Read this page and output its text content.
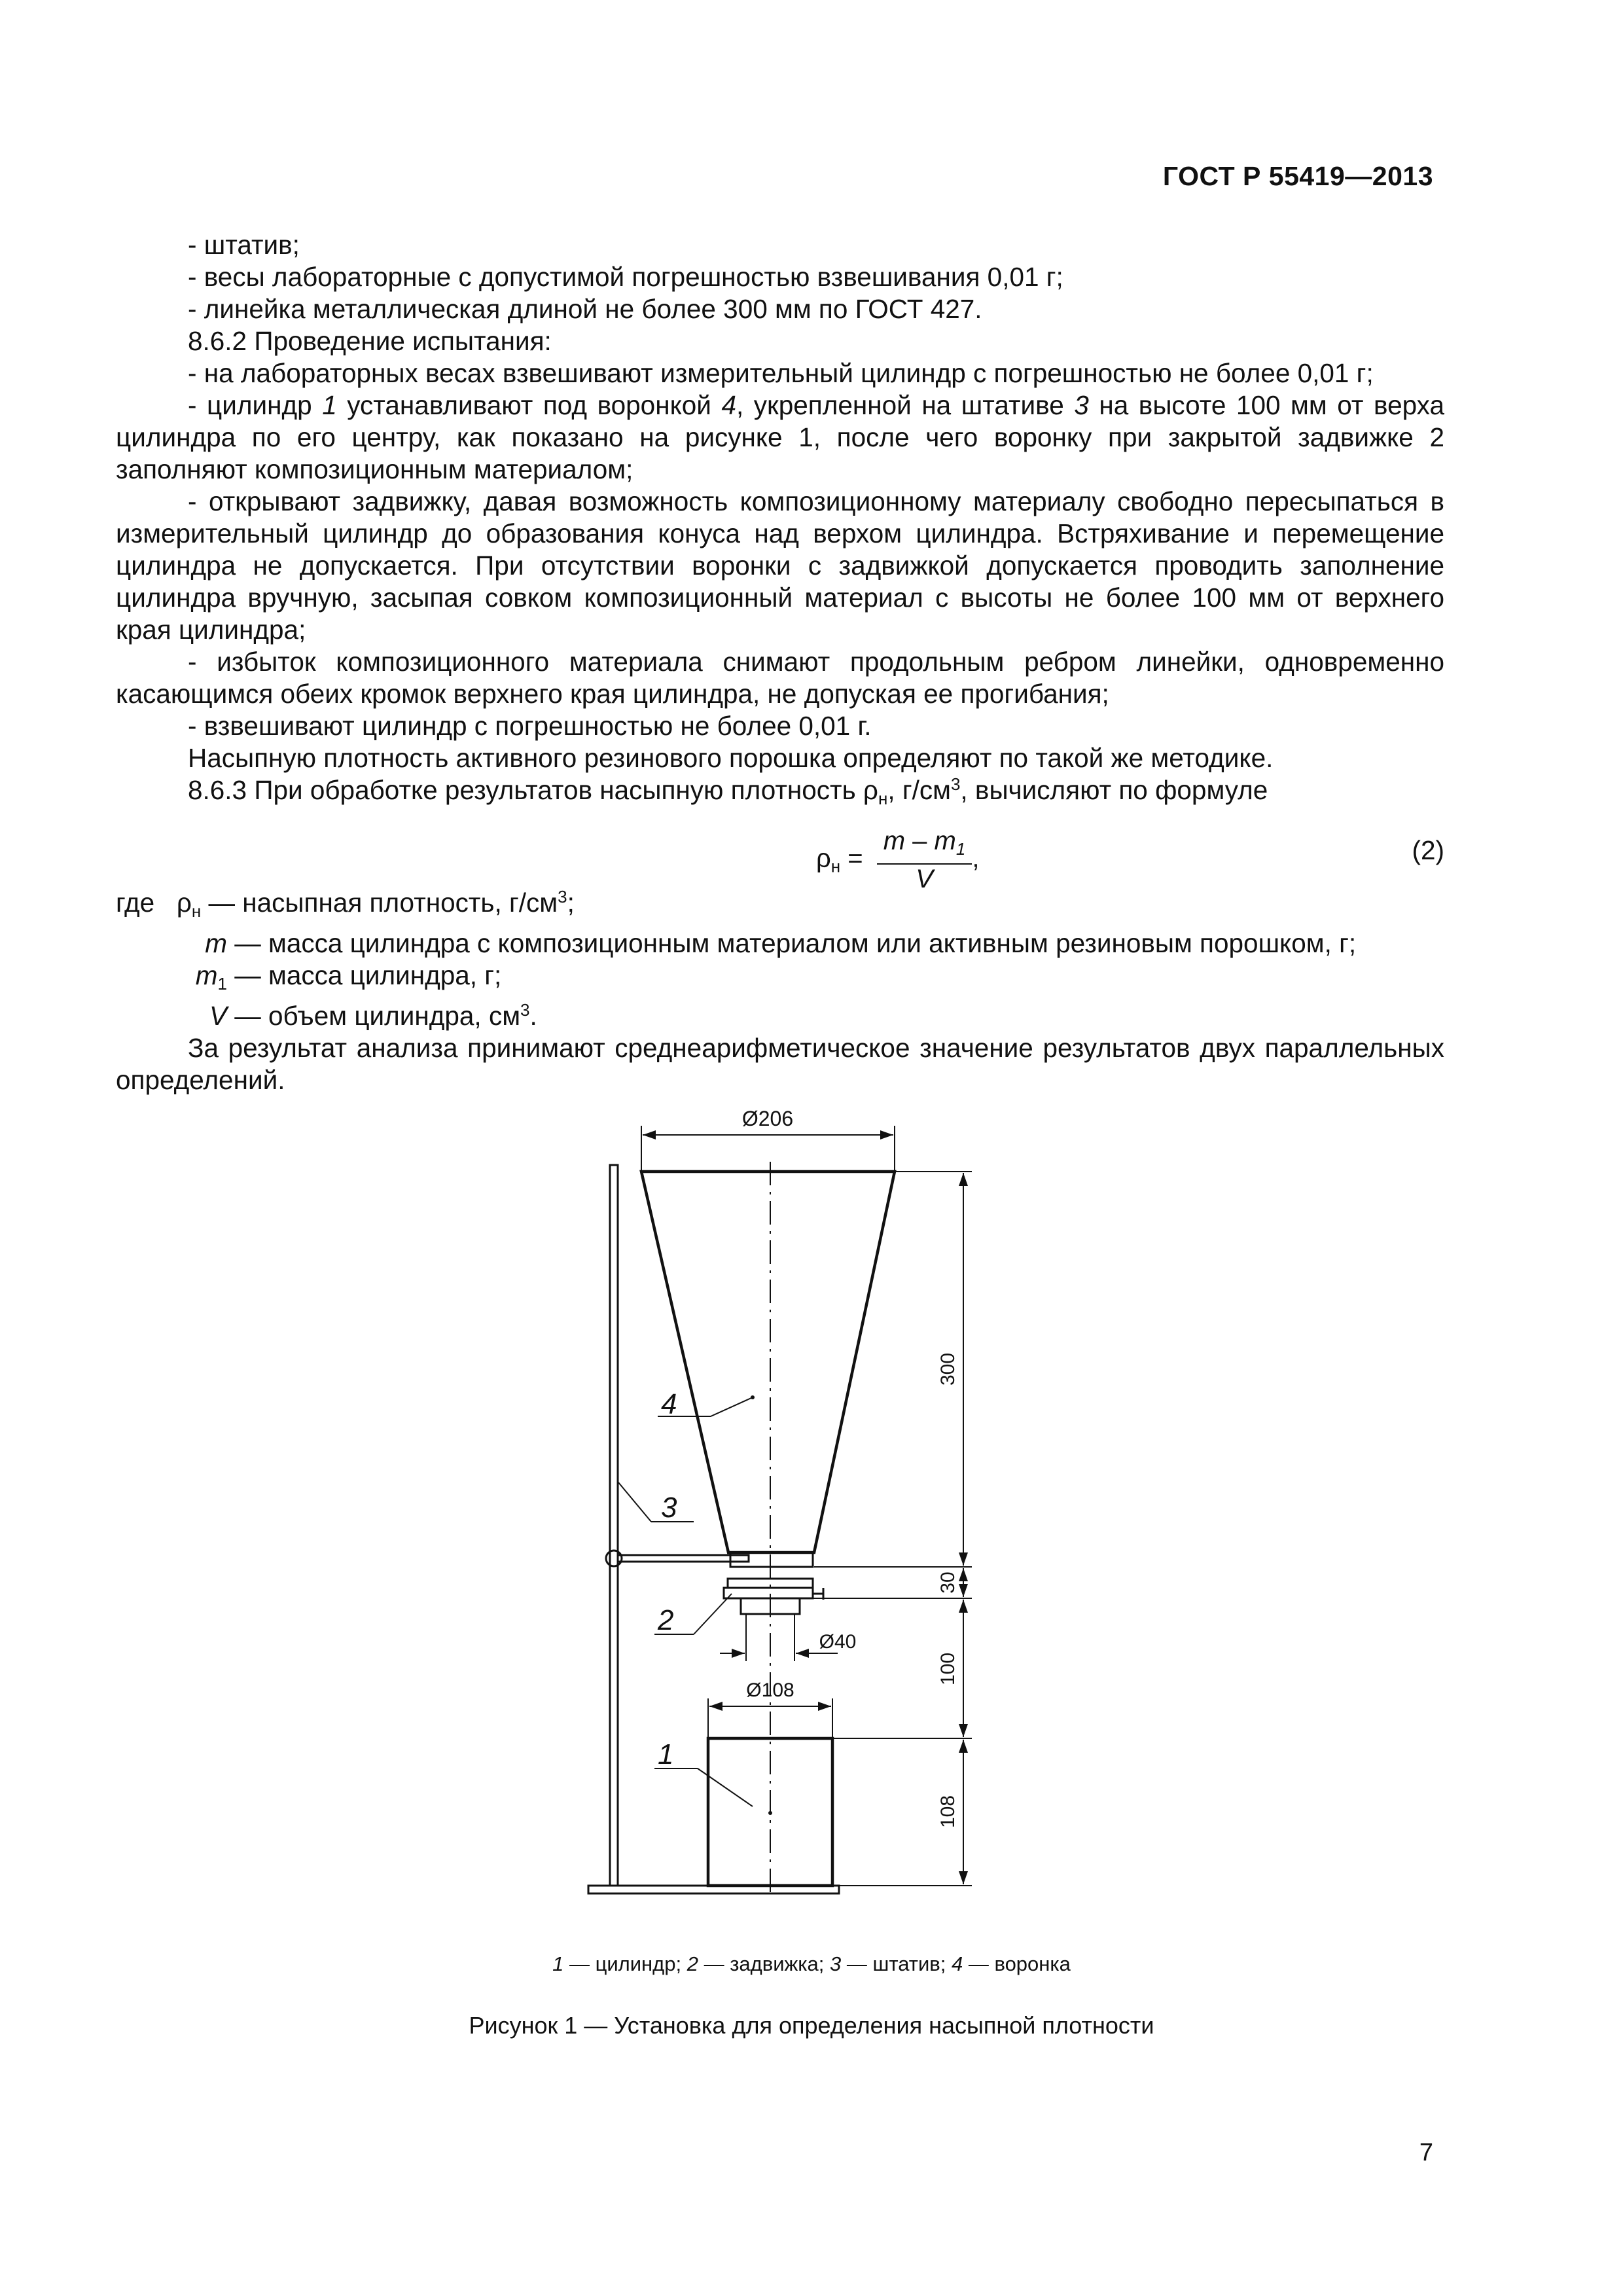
ГОСТ Р 55419—2013

- штатив;

- весы лабораторные с допустимой погрешностью взвешивания 0,01 г;

- линейка металлическая длиной не более 300 мм по ГОСТ 427.

8.6.2 Проведение испытания:

- на лабораторных весах взвешивают измерительный цилиндр с погрешностью не более 0,01 г;

- цилиндр 1 устанавливают под воронкой 4, укрепленной на штативе 3 на высоте 100 мм от верха цилиндра по его центру, как показано на рисунке 1, после чего воронку при закрытой задвижке 2 заполняют композиционным материалом;

- открывают задвижку, давая возможность композиционному материалу свободно пересыпаться в измерительный цилиндр до образования конуса над верхом цилиндра. Встряхивание и перемещение цилиндра не допускается. При отсутствии воронки с задвижкой допускается проводить заполнение цилиндра вручную, засыпая совком композиционный материал с высоты не более 100 мм от верхнего края цилиндра;

- избыток композиционного материала снимают продольным ребром линейки, одновременно касающимся обеих кромок верхнего края цилиндра, не допуская ее прогибания;

- взвешивают цилиндр с погрешностью не более 0,01 г.

Насыпную плотность активного резинового порошка определяют по такой же методике.

8.6.3 При обработке результатов насыпную плотность $\rho_н$, $г/см^3$, вычисляют по формуле

$\rho_н = \frac{m - m_1}{V}$ ,	(2)

где $\rho_н$ — насыпная плотность, $г/см^3$;

m — масса цилиндра с композиционным материалом или активным резиновым порошком, г;

$m_1$ — масса цилиндра, г;

V — объем цилиндра, $см^3$.

За результат анализа принимают среднеарифметическое значение результатов двух параллельных определений.

Ø206
300
30
100
108
Ø40
Ø108
4
3
2
1
1 — цилиндр; 2 — задвижка; 3 — штатив; 4 — воронка
Рисунок 1 — Установка для определения насыпной плотности
7
